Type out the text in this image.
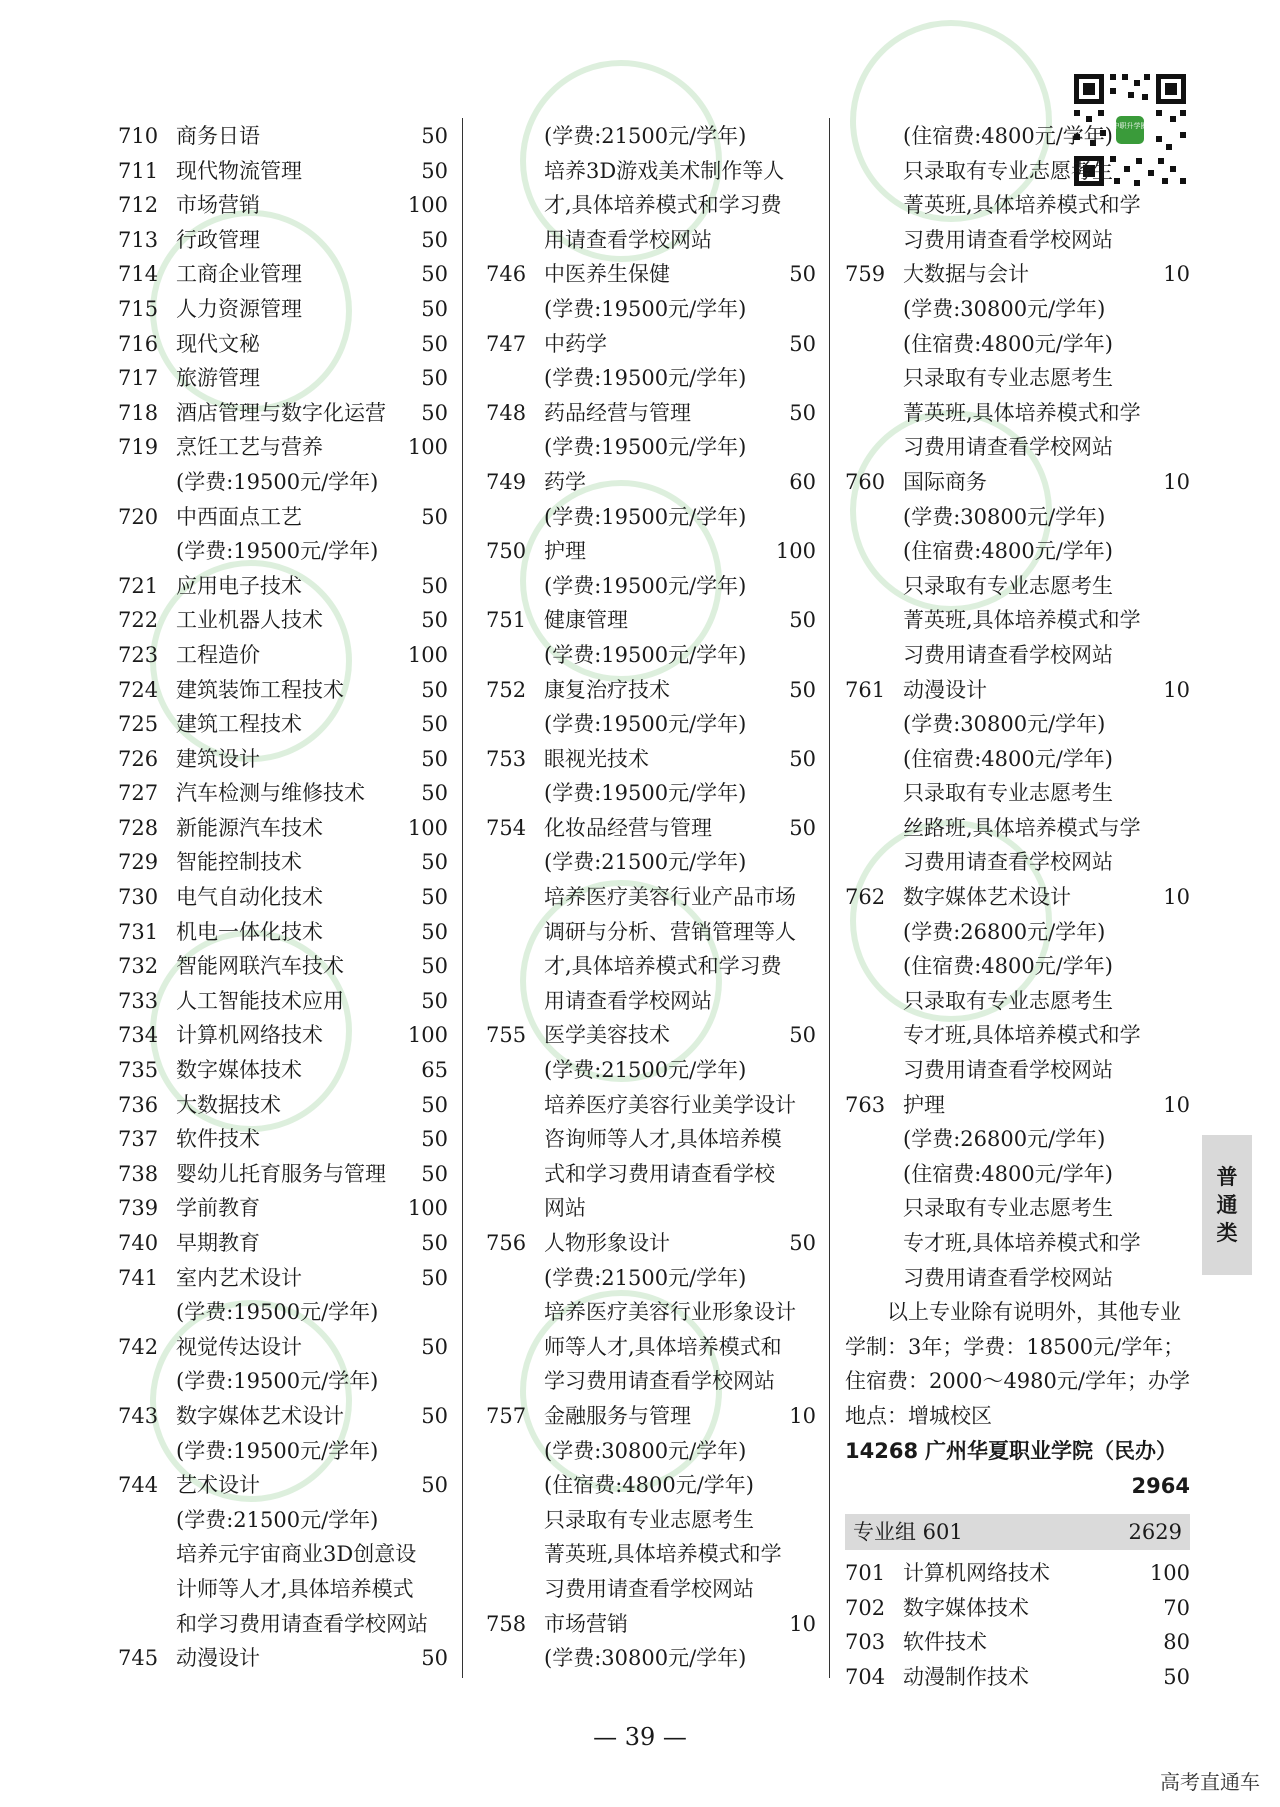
中职升学圈
710 商务日语	50
711 现代物流管理	50
712 市场营销	100
713 行政管理	50
714 工商企业管理	50
715 人力资源管理	50
716 现代文秘	50
717 旅游管理	50
718 酒店管理与数字化运营	50
719 烹饪工艺与营养	100
(学费:19500元/学年)
720 中西面点工艺	50
(学费:19500元/学年)
721 应用电子技术	50
722 工业机器人技术	50
723 工程造价	100
724 建筑装饰工程技术	50
725 建筑工程技术	50
726 建筑设计	50
727 汽车检测与维修技术	50
728 新能源汽车技术	100
729 智能控制技术	50
730 电气自动化技术	50
731 机电一体化技术	50
732 智能网联汽车技术	50
733 人工智能技术应用	50
734 计算机网络技术	100
735 数字媒体技术	65
736 大数据技术	50
737 软件技术	50
738 婴幼儿托育服务与管理	50
739 学前教育	100
740 早期教育	50
741 室内艺术设计	50
(学费:19500元/学年)
742 视觉传达设计	50
(学费:19500元/学年)
743 数字媒体艺术设计	50
(学费:19500元/学年)
744 艺术设计	50
(学费:21500元/学年)
培养元宇宙商业3D创意设
计师等人才,具体培养模式
和学习费用请查看学校网站
745 动漫设计	50
(学费:21500元/学年)
培养3D游戏美术制作等人
才,具体培养模式和学习费
用请查看学校网站
746 中医养生保健	50
(学费:19500元/学年)
747 中药学	50
(学费:19500元/学年)
748 药品经营与管理	50
(学费:19500元/学年)
749 药学	60
(学费:19500元/学年)
750 护理	100
(学费:19500元/学年)
751 健康管理	50
(学费:19500元/学年)
752 康复治疗技术	50
(学费:19500元/学年)
753 眼视光技术	50
(学费:19500元/学年)
754 化妆品经营与管理	50
(学费:21500元/学年)
培养医疗美容行业产品市场
调研与分析、营销管理等人
才,具体培养模式和学习费
用请查看学校网站
755 医学美容技术	50
(学费:21500元/学年)
培养医疗美容行业美学设计
咨询师等人才,具体培养模
式和学习费用请查看学校
网站
756 人物形象设计	50
(学费:21500元/学年)
培养医疗美容行业形象设计
师等人才,具体培养模式和
学习费用请查看学校网站
757 金融服务与管理	10
(学费:30800元/学年)
(住宿费:4800元/学年)
只录取有专业志愿考生
菁英班,具体培养模式和学
习费用请查看学校网站
758 市场营销	10
(学费:30800元/学年)
(住宿费:4800元/学年)
只录取有专业志愿考生
菁英班,具体培养模式和学
习费用请查看学校网站
759 大数据与会计	10
(学费:30800元/学年)
(住宿费:4800元/学年)
只录取有专业志愿考生
菁英班,具体培养模式和学
习费用请查看学校网站
760 国际商务	10
(学费:30800元/学年)
(住宿费:4800元/学年)
只录取有专业志愿考生
菁英班,具体培养模式和学
习费用请查看学校网站
761 动漫设计	10
(学费:30800元/学年)
(住宿费:4800元/学年)
只录取有专业志愿考生
丝路班,具体培养模式与学
习费用请查看学校网站
762 数字媒体艺术设计	10
(学费:26800元/学年)
(住宿费:4800元/学年)
只录取有专业志愿考生
专才班,具体培养模式和学
习费用请查看学校网站
763 护理	10
(学费:26800元/学年)
(住宿费:4800元/学年)
只录取有专业志愿考生
专才班,具体培养模式和学
习费用请查看学校网站
以上专业除有说明外，其他专业学制：3年；学费：18500元/学年；住宿费：2000～4980元/学年；办学地点：增城校区
14268 广州华夏职业学院（民办）
2964
专业组 601	2629
701 计算机网络技术	100
702 数字媒体技术	70
703 软件技术	80
704 动漫制作技术	50
普
通
类
— 39 —
高考直通车
